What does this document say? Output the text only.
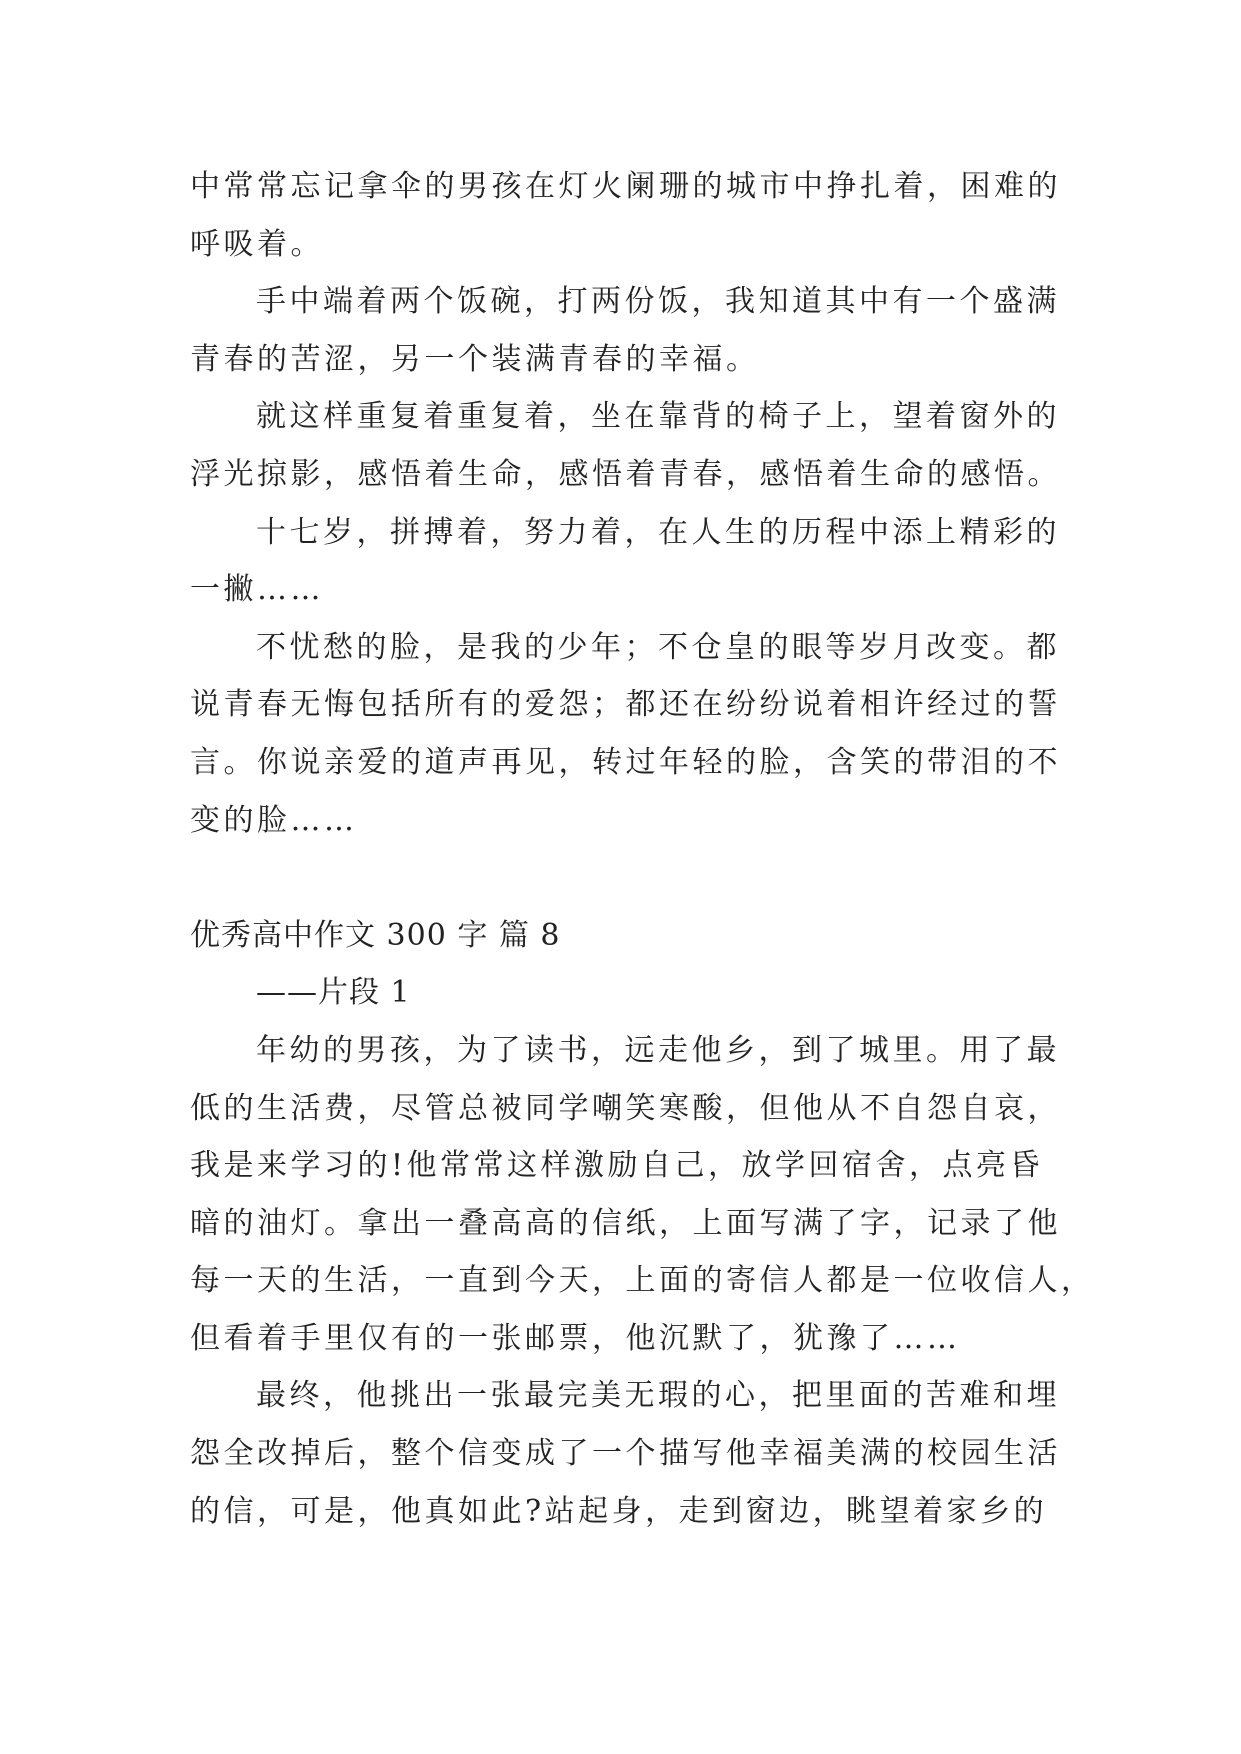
中常常忘记拿伞的男孩在灯火阑珊的城市中挣扎着，困难的
呼吸着。
手中端着两个饭碗，打两份饭，我知道其中有一个盛满
青春的苦涩，另一个装满青春的幸福。
就这样重复着重复着，坐在靠背的椅子上，望着窗外的
浮光掠影，感悟着生命，感悟着青春，感悟着生命的感悟。
十七岁，拼搏着，努力着，在人生的历程中添上精彩的
一撇……
不忧愁的脸，是我的少年；不仓皇的眼等岁月改变。都
说青春无悔包括所有的爱怨；都还在纷纷说着相许经过的誓
言。你说亲爱的道声再见，转过年轻的脸，含笑的带泪的不
变的脸……
优秀高中作文 300 字 篇 8
——片段 1
年幼的男孩，为了读书，远走他乡，到了城里。用了最
低的生活费，尽管总被同学嘲笑寒酸，但他从不自怨自哀，
我是来学习的!他常常这样激励自己，放学回宿舍，点亮昏
暗的油灯。拿出一叠高高的信纸，上面写满了字，记录了他
每一天的生活，一直到今天，上面的寄信人都是一位收信人，
但看着手里仅有的一张邮票，他沉默了，犹豫了……
最终，他挑出一张最完美无瑕的心，把里面的苦难和埋
怨全改掉后，整个信变成了一个描写他幸福美满的校园生活
的信，可是，他真如此?站起身，走到窗边，眺望着家乡的
